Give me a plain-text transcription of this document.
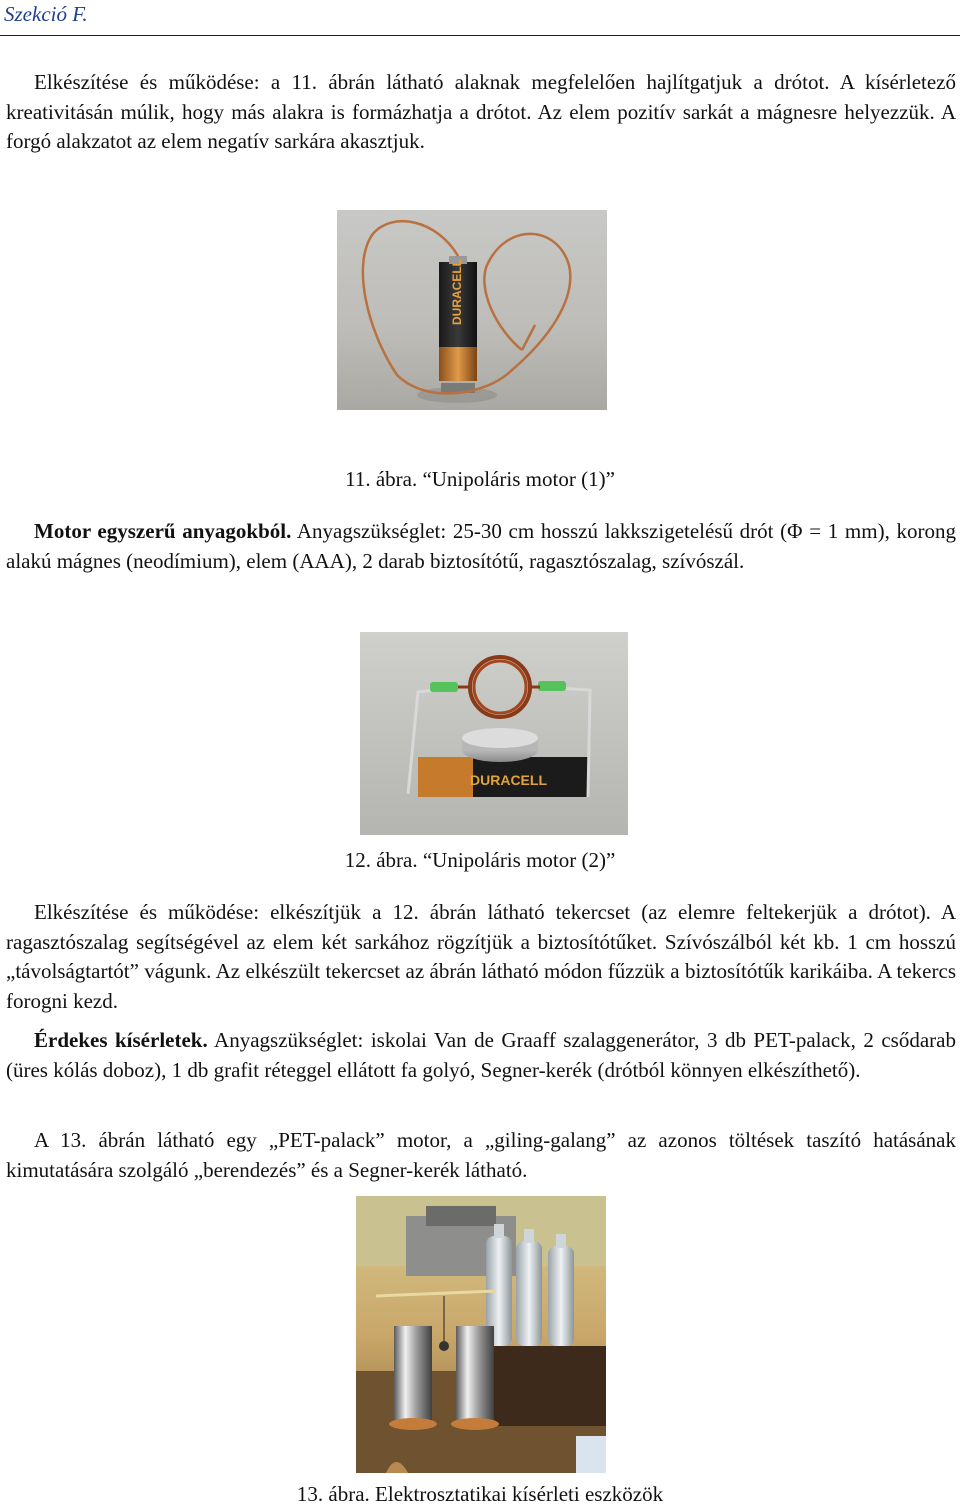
Szekció F.
Elkészítése és működése: a 11. ábrán látható alaknak megfelelően hajlítgatjuk a drótot. A kísérletező kreativitásán múlik, hogy más alakra is formázhatja a drótot. Az elem pozitív sarkát a mágnesre helyezzük. A forgó alakzatot az elem negatív sarkára akasztjuk.
DURACELL
11. ábra. “Unipoláris motor (1)”
Motor egyszerű anyagokból. Anyagszükséglet: 25-30 cm hosszú lakkszigetelésű drót (Φ = 1 mm), korong alakú mágnes (neodímium), elem (AAA), 2 darab biztosítótű, ragasztószalag, szívószál.
DURACELL
12. ábra. “Unipoláris motor (2)”
Elkészítése és működése: elkészítjük a 12. ábrán látható tekercset (az elemre feltekerjük a drótot). A ragasztószalag segítségével az elem két sarkához rögzítjük a biztosítótűket. Szívószálból két kb. 1 cm hosszú „távolságtartót” vágunk. Az elkészült tekercset az ábrán látható módon fűzzük a biztosítótűk karikáiba. A tekercs forogni kezd.
Érdekes kísérletek. Anyagszükséglet: iskolai Van de Graaff szalaggenerátor, 3 db PET-palack, 2 csődarab (üres kólás doboz), 1 db grafit réteggel ellátott fa golyó, Segner-kerék (drótból könnyen elkészíthető).
A 13. ábrán látható egy „PET-palack” motor, a „giling-galang” az azonos töltések taszító hatásának kimutatására szolgáló „berendezés” és a Segner-kerék látható.
13. ábra. Elektrosztatikai kísérleti eszközök
